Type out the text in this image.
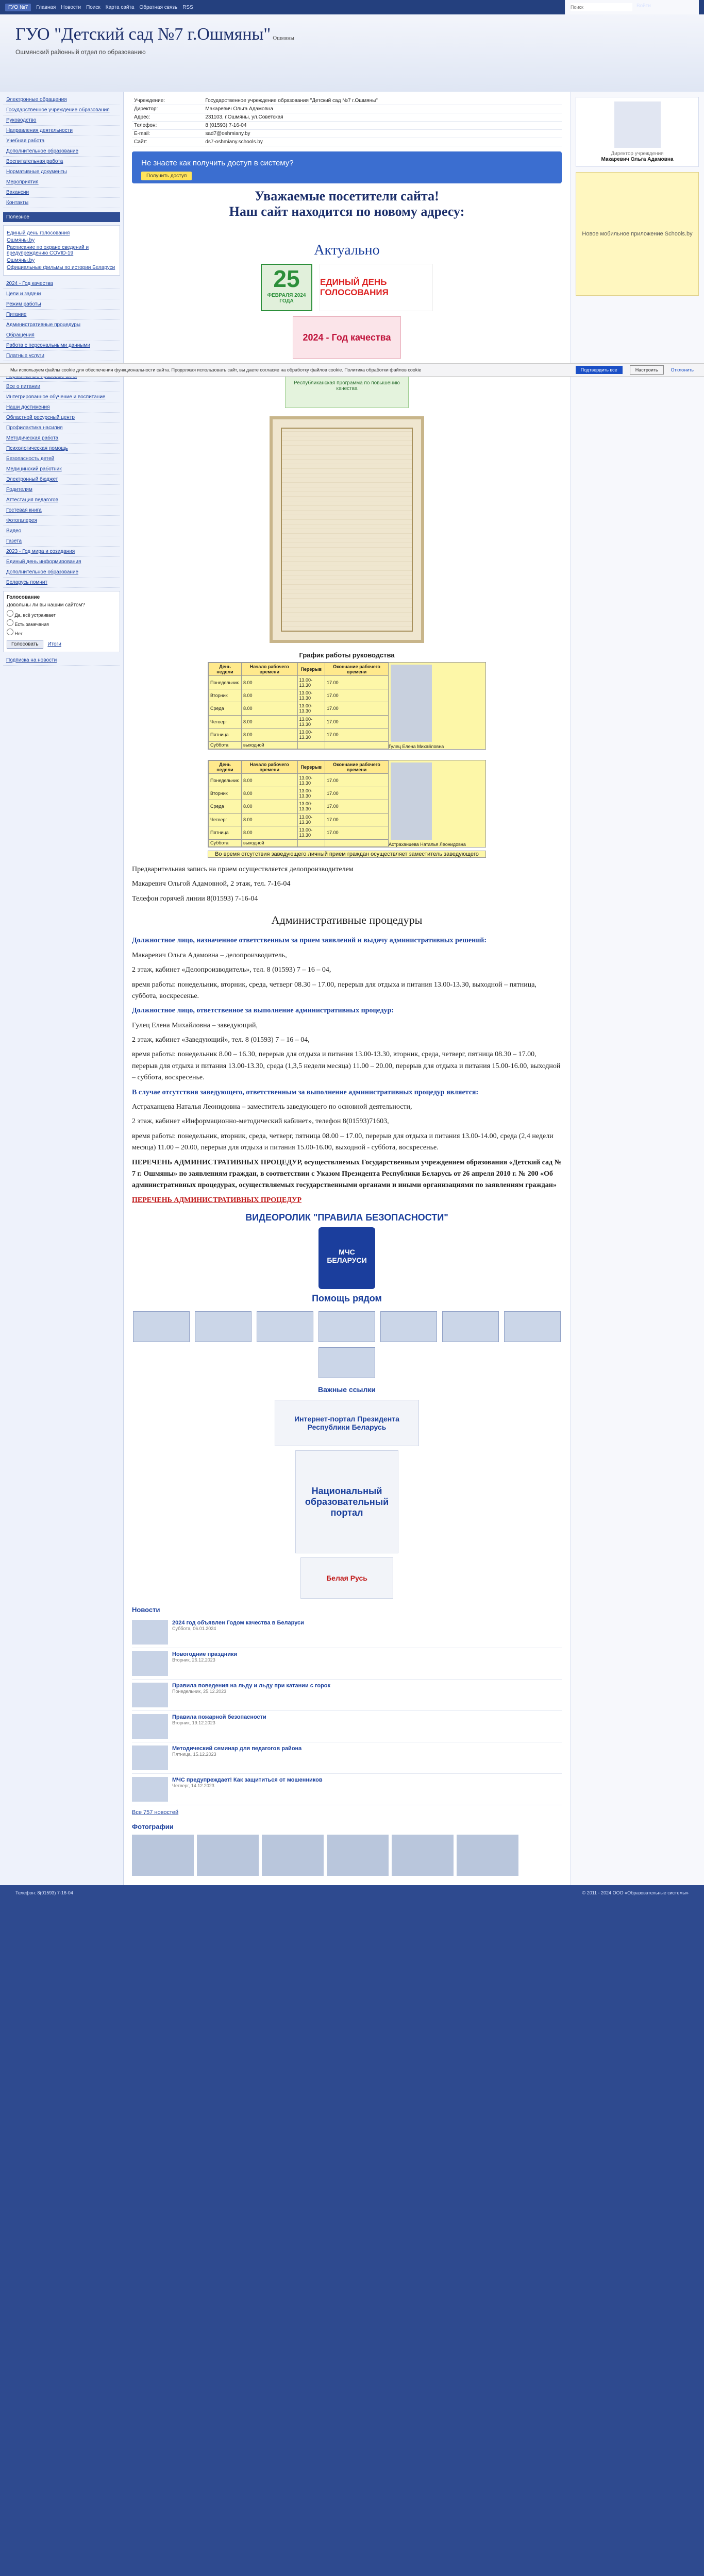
ГУО №7	Главная Новости Поиск Карта сайта Обратная связь RSS
Поиск	Войти
ГУО "Детский сад №7 г.Ошмяны" Ошмяны
Ошмянский районный отдел по образованию
Электронные обращения
Государственное учреждение образования
Руководство
Направления деятельности
Учебная работа
Дополнительное образование
Воспитательная работа
Нормативные документы
Мероприятия
Вакансии
Контакты
Полезное
Единый день голосования
Ошмяны.by
Расписание по охране сведений и предупреждению COVID-19
Ошмяны.by
Официальные фильмы по истории Беларуси
2024 - Год качества
Цели и задачи
Режим работы
Питание
Административные процедуры
Обращения
Работа с персональными данными
Платные услуги
Все о питании
Интегрированное обучение и воспитание
Наши достижения
Областной ресурсный центр
Профилактика насилия
Методическая работа
Психологическая помощь
Безопасность детей
Медицинский работник
Электронный бюджет
Родителям
Аттестация педагогов
Гостевая книга
Фотогалерея
Видео
Газета
2023 - Год мира и созидания
Единый день информирования
Дополнительное образование
Беларусь помнит
Голосование
Довольны ли вы нашим сайтом?
Да, всё устраивает
Есть замечания
Нет
Голосовать Итоги
Подписка на новости
Учреждение:	Государственное учреждение образования "Детский сад №7 г.Ошмяны"
Директор:	Макаревич Ольга Адамовна
Адрес:	231103, г.Ошмяны, ул.Советская
Телефон:	8 (01593) 7-16-04
E-mail:	sad7@oshmiany.by
Сайт:	ds7-oshmiany.schools.by
Не знаете как получить доступ в систему?
Получить доступ
Уважаемые посетители сайта!
Наш сайт находится по новому адресу:
Актуально
25
ФЕВРАЛЯ 2024 ГОДА
ЕДИНЫЙ ДЕНЬ ГОЛОСОВАНИЯ
2024 - Год качества
Республиканская программа по повышению качества
График работы руководства
День недели	Начало рабочего времени	Перерыв	Окончание рабочего времени
Понедельник	8.00	13.00-13.30	17.00
Вторник	8.00	13.00-13.30	17.00
Среда	8.00	13.00-13.30	17.00
Четверг	8.00	13.00-13.30	17.00
Пятница	8.00	13.00-13.30	17.00
Суббота	выходной			Гулец Елена Михайловна
День недели	Начало рабочего времени	Перерыв	Окончание рабочего времени
Понедельник	8.00	13.00-13.30	17.00
Вторник	8.00	13.00-13.30	17.00
Среда	8.00	13.00-13.30	17.00
Четверг	8.00	13.00-13.30	17.00
Пятница	8.00	13.00-13.30	17.00
Суббота	выходной			Астраханцева Наталья Леонидовна
Во время отсутствия заведующего личный прием граждан осуществляет заместитель заведующего

Предварительная запись на прием осуществляется делопроизводителем

Макаревич Ольгой Адамовной, 2 этаж, тел. 7-16-04

Телефон горячей линии 8(01593) 7-16-04

Административные процедуры

Должностное лицо, назначенное ответственным за прием заявлений и выдачу административных решений:

Макаревич Ольга Адамовна – делопроизводитель,

2 этаж, кабинет «Делопроизводитель», тел. 8 (01593) 7 – 16 – 04,

время работы: понедельник, вторник, среда, четверг 08.30 – 17.00, перерыв для отдыха и питания 13.00-13.30, выходной – пятница, суббота, воскресенье.

Должностное лицо, ответственное за выполнение административных процедур:

Гулец Елена Михайловна – заведующий,

2 этаж, кабинет «Заведующий», тел. 8 (01593) 7 – 16 – 04,

время работы: понедельник 8.00 – 16.30, перерыв для отдыха и питания 13.00-13.30, вторник, среда, четверг, пятница 08.30 – 17.00, перерыв для отдыха и питания 13.00-13.30, среда (1,3,5 недели месяца) 11.00 – 20.00, перерыв для отдыха и питания 15.00-16.00, выходной – суббота, воскресенье.

В случае отсутствия заведующего, ответственным за выполнение административных процедур является:

Астраханцева Наталья Леонидовна – заместитель заведующего по основной деятельности,

2 этаж, кабинет «Информационно-методический кабинет», телефон 8(01593)71603,

время работы: понедельник, вторник, среда, четверг, пятница 08.00 – 17.00, перерыв для отдыха и питания 13.00-14.00, среда (2,4 недели месяца) 11.00 – 20.00, перерыв для отдыха и питания 15.00-16.00, выходной - суббота, воскресенье.

ПЕРЕЧЕНЬ АДМИНИСТРАТИВНЫХ ПРОЦЕДУР, осуществляемых Государственным учреждением образования «Детский сад № 7 г. Ошмяны» по заявлениям граждан, в соответствии с Указом Президента Республики Беларусь от 26 апреля 2010 г. № 200 «Об административных процедурах, осуществляемых государственными органами и иными организациями по заявлениям граждан»

ПЕРЕЧЕНЬ АДМИНИСТРАТИВНЫХ ПРОЦЕДУР

ВИДЕОРОЛИК "ПРАВИЛА БЕЗОПАСНОСТИ"
МЧС БЕЛАРУСИ
Помощь рядом
Важные ссылки
Интернет-портал Президента Республики Беларусь
Национальный образовательный портал
Белая Русь
Новости
2024 год объявлен Годом качества в Беларуси
Суббота, 06.01.2024
Новогодние праздники
Вторник, 26.12.2023
Правила поведения на льду и льду при катании с горок
Понедельник, 25.12.2023
Правила пожарной безопасности
Вторник, 19.12.2023
Методический семинар для педагогов района
Пятница, 15.12.2023
МЧС предупреждает! Как защититься от мошенников
Четверг, 14.12.2023
Все 757 новостей
Фотографии
Директор учреждения
Макаревич Ольга Адамовна
Новое мобильное приложение Schools.by
Телефон: 8(01593) 7-16-04	© 2011 - 2024 ООО «Образовательные системы»
Мы используем файлы cookie для обеспечения функциональности сайта. Продолжая использовать сайт, вы даете согласие на обработку файлов cookie. Политика обработки файлов cookie	Подтвердить все	Настроить	Отклонить
